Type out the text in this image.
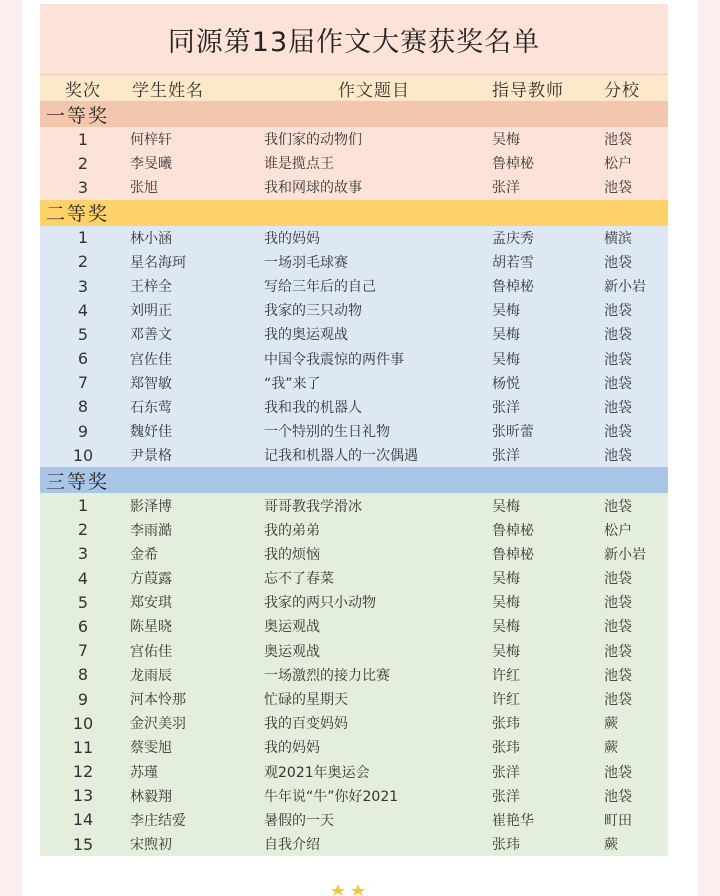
同源第13届作文大赛获奖名单
奖次	学生姓名	作文题目	指导教师	分校
一等奖
1	何梓轩	我们家的动物们	吴梅	池袋
2	李旻曦	谁是揽点王	鲁棹柲	松户
3	张旭	我和网球的故事	张洋	池袋
二等奖
1	林小涵	我的妈妈	孟庆秀	横滨
2	星名海珂	一场羽毛球赛	胡若雪	池袋
3	王梓全	写给三年后的自己	鲁棹柲	新小岩
4	刘明正	我家的三只动物	吴梅	池袋
5	邓善文	我的奥运观战	吴梅	池袋
6	宫佐佳	中国令我震惊的两件事	吴梅	池袋
7	郑智敏	“我”来了	杨悦	池袋
8	石东莺	我和我的机器人	张洋	池袋
9	魏妤佳	一个特别的生日礼物	张昕蕾	池袋
10	尹景格	记我和机器人的一次偶遇	张洋	池袋
三等奖
1	影泽博	哥哥教我学滑冰	吴梅	池袋
2	李雨澔	我的弟弟	鲁棹柲	松户
3	金希	我的烦恼	鲁棹柲	新小岩
4	方葭露	忘不了春菜	吴梅	池袋
5	郑安琪	我家的两只小动物	吴梅	池袋
6	陈星晓	奥运观战	吴梅	池袋
7	宫佑佳	奥运观战	吴梅	池袋
8	龙雨辰	一场激烈的接力比赛	许红	池袋
9	河本怜那	忙碌的星期天	许红	池袋
10	金沢美羽	我的百变妈妈	张玮	蕨
11	蔡雯旭	我的妈妈	张玮	蕨
12	苏瑾	观2021年奥运会	张洋	池袋
13	林毅翔	牛年说“牛”你好2021	张洋	池袋
14	李庄结爱	暑假的一天	崔艳华	町田
15	宋煦初	自我介绍	张玮	蕨
